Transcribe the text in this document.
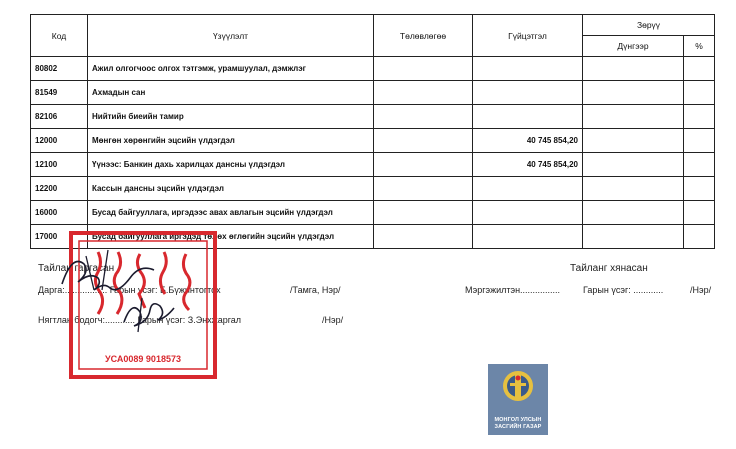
Код	Үзүүлэлт	Төлөвлөгөө	Гүйцэтгэл	Зөрүү	
				Дүнгээр	%
80802	Ажил олгогчоос олгох тэтгэмж, урамшуулал, дэмжлэг				
81549	Ахмадын сан				
82106	Нийтийн биеийн тамир				
12000	Мөнгөн хөрөнгийн эцсийн үлдэгдэл		40 745 854,20		
12100	Үүнээс: Банкин дахь харилцах дансны үлдэгдэл		40 745 854,20		
12200	Кассын дансны эцсийн үлдэгдэл				
16000	Бусад байгууллага, иргэдээс авах авлагын эцсийн үлдэгдэл				
17000	Бусад байгууллага иргэдэд төлөх өглөгийн эцсийн үлдэгдэл				
Тайлан гаргасан
Дарга:................. Гарын үсэг: Б.Бүжинтогтох	/Тамга, Нэр/
Нягтлан бодогч:............ Гарын үсэг: З.Энхжаргал	/Нэр/
Тайланг хянасан
Мэргэжилтэн................	Гарын үсэг: ............	/Нэр/
УСА0089 9018573
МОНГОЛ УЛСЫН
ЗАСГИЙН ГАЗАР
